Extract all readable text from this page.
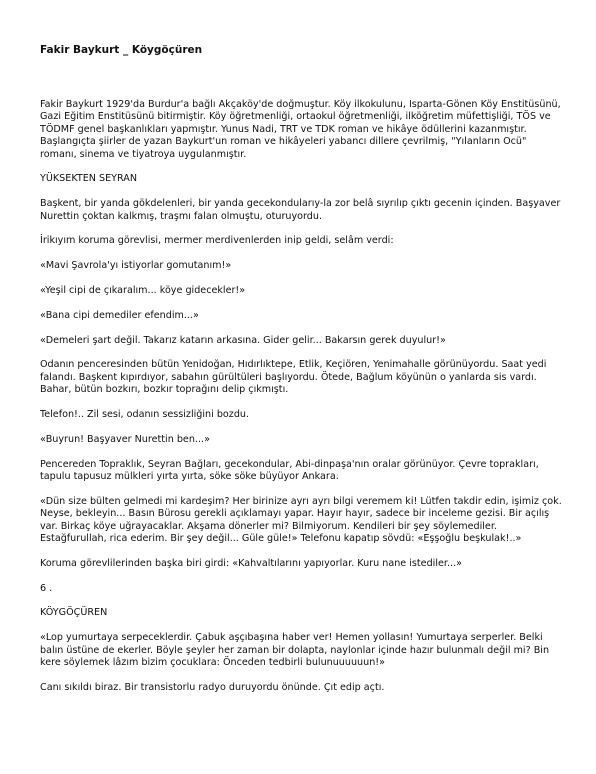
Fakir Baykurt _ Köygöçüren

Fakir Baykurt 1929'da Burdur'a bağlı Akçaköy'de doğmuştur. Köy ilkokulunu, Isparta-Gönen Köy Enstitüsünü, Gazi Eğitim Enstitüsünü bitirmiştir. Köy öğretmenliği, ortaokul öğretmenliği, ilköğretim müfettişliği, TÖS ve TÖDMF genel başkanlıkları yapmıştır. Yunus Nadi, TRT ve TDK roman ve hikâye ödüllerini kazanmıştır. Başlangıçta şiirler de yazan Baykurt'un roman ve hikâyeleri yabancı dillere çevrilmiş, "Yılanların Ocü" romanı, sinema ve tiyatroya uygulanmıştır.

YÜKSEKTEN SEYRAN

Başkent, bir yanda gökdelenleri, bir yanda gecekondularıy-la zor belâ sıyrılıp çıktı gecenin içinden. Başyaver Nurettin çoktan kalkmış, traşmı falan olmuştu, oturuyordu.

İrikıyım koruma görevlisi, mermer merdivenlerden inip geldi, selâm verdi:

«Mavi Şavrola'yı istiyorlar gomutanım!»

«Yeşil cipi de çıkaralım... köye gidecekler!»

«Bana cipi demediler efendim...»

«Demeleri şart değil. Takarız katarın arkasına. Gider gelir... Bakarsın gerek duyulur!»

Odanın penceresinden bütün Yenidoğan, Hıdırlıktepe, Etlik, Keçiören, Yenimahalle görünüyordu. Saat yedi falandı. Başkent kıpırdıyor, sabahın gürültüleri başlıyordu. Ötede, Bağlum köyünün o yanlarda sis vardı. Bahar, bütün bozkırı, bozkır toprağını delip çıkmıştı.

Telefon!.. Zil sesi, odanın sessizliğini bozdu.

«Buyrun! Başyaver Nurettin ben...»

Pencereden Topraklık, Seyran Bağları, gecekondular, Abi-dinpaşa'nın oralar görünüyor. Çevre toprakları, tapulu tapusuz mülkleri yırta yırta, söke söke büyüyor Ankara.

«Dün size bülten gelmedi mi kardeşim? Her birinize ayrı ayrı bilgi veremem ki! Lütfen takdir edin, işimiz çok. Neyse, bekleyin... Basın Bürosu gerekli açıklamayı yapar. Hayır hayır, sadece bir inceleme gezisi. Bir açılış var. Birkaç köye uğrayacaklar. Akşama dönerler mi? Bilmiyorum. Kendileri bir şey söylemediler. Estağfurullah, rica ederim. Bir şey değil... Güle güle!» Telefonu kapatıp sövdü: «Eşşoğlu beşkulak!..»

Koruma görevlilerinden başka biri girdi: «Kahvaltılarını yapıyorlar. Kuru nane istediler...»

6 .

KÖYGÖÇÜREN

«Lop yumurtaya serpecekler​dir. Çabuk aşçıbaşına haber ver! Hemen yollasın! Yumurtaya serperler. Belki balın üstüne de ekerler. Böyle şeyler her zaman bir dolapta, naylonlar içinde hazır bulunmalı değil mi? Bin kere söylemek lâzım bizim çocuklara: Önceden tedbirli bulunuuuuuun!»

Canı sıkıldı biraz. Bir transistorlu radyo duruyordu önünde. Çıt edip açtı.
